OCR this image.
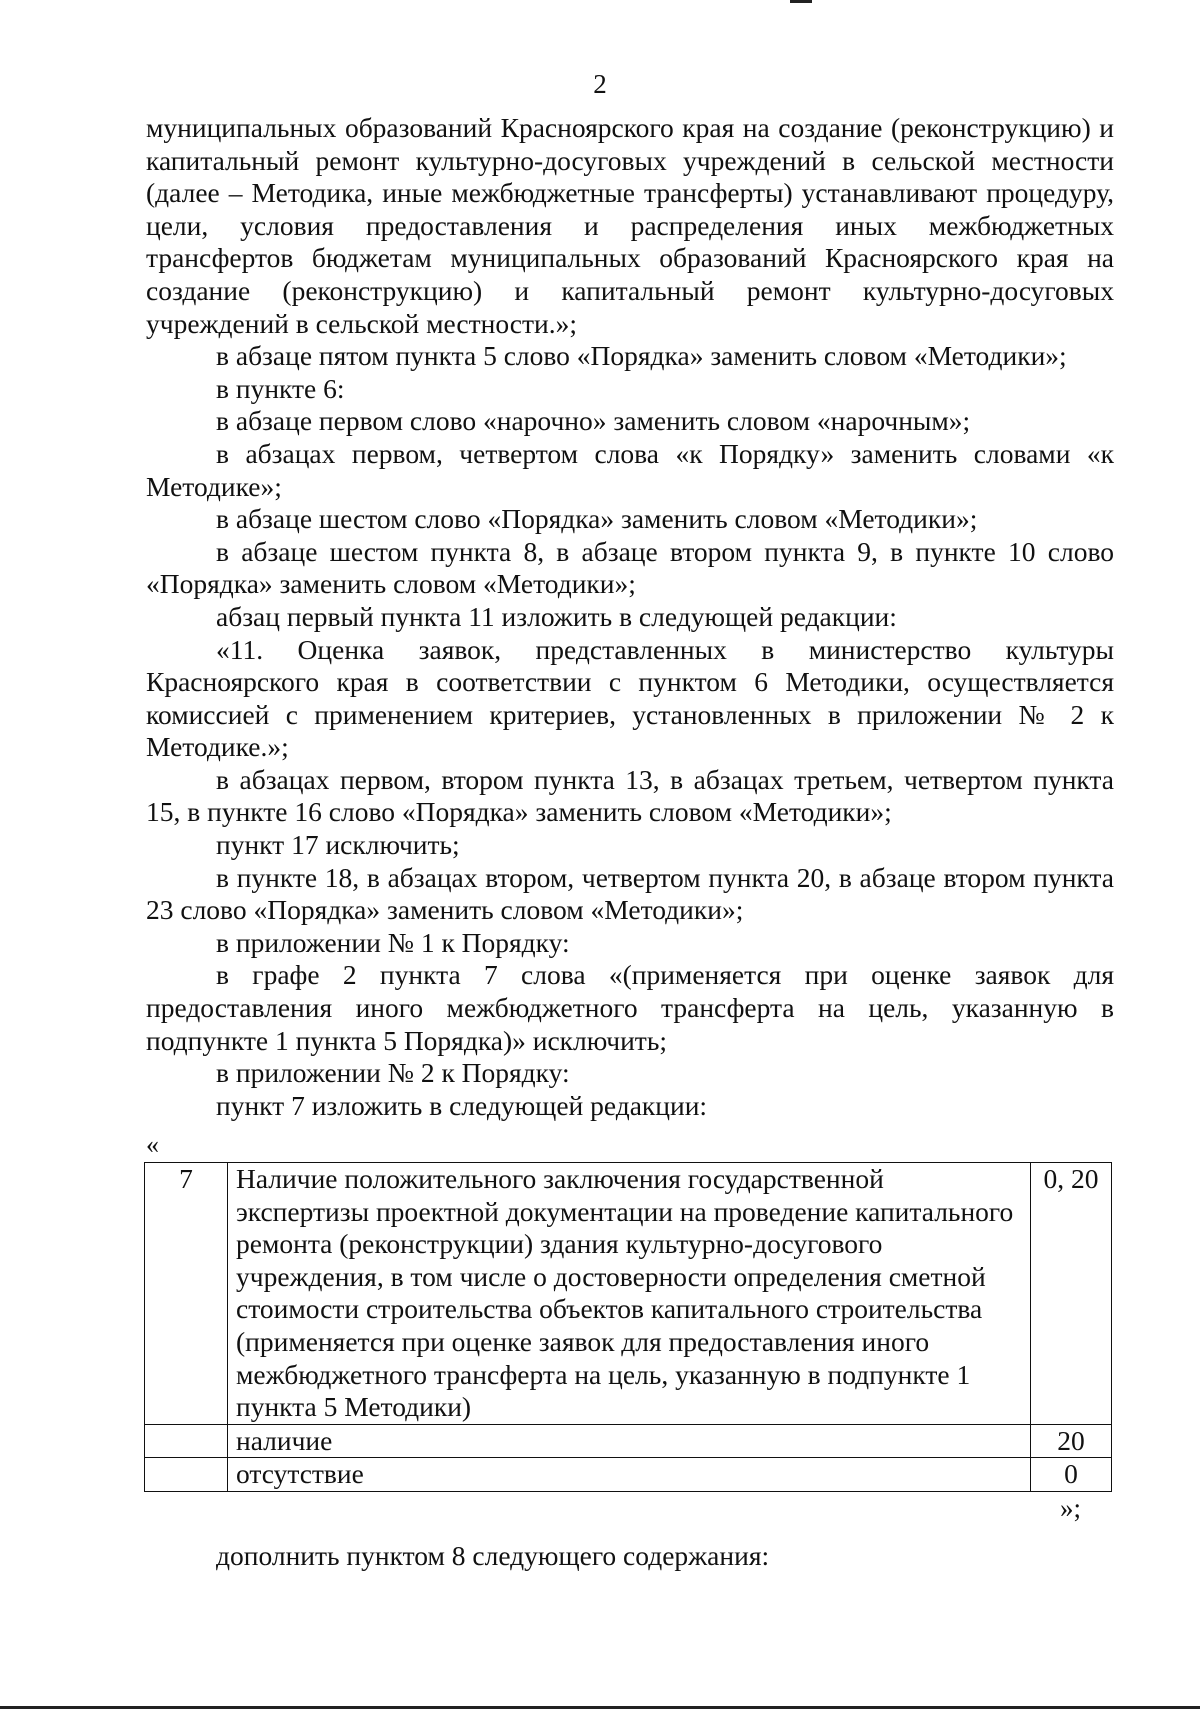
2

муниципальных образований Красноярского края на создание (реконструкцию) и капитальный ремонт культурно-досуговых учреждений в сельской местности (далее – Методика, иные межбюджетные трансферты) устанавливают процедуру, цели, условия предоставления и распределения иных межбюджетных трансфертов бюджетам муниципальных образований Красноярского края на создание (реконструкцию) и капитальный ремонт культурно-досуговых учреждений в сельской местности.»;

в абзаце пятом пункта 5 слово «Порядка» заменить словом «Методики»;

в пункте 6:

в абзаце первом слово «нарочно» заменить словом «нарочным»;

в абзацах первом, четвертом слова «к Порядку» заменить словами «к Методике»;

в абзаце шестом слово «Порядка» заменить словом «Методики»;

в абзаце шестом пункта 8, в абзаце втором пункта 9, в пункте 10 слово «Порядка» заменить словом «Методики»;

абзац первый пункта 11 изложить в следующей редакции:

«11. Оценка заявок, представленных в министерство культуры Красноярского края в соответствии с пунктом 6 Методики, осуществляется комиссией с применением критериев, установленных в приложении № 2 к Методике.»;

в абзацах первом, втором пункта 13, в абзацах третьем, четвертом пункта 15, в пункте 16 слово «Порядка» заменить словом «Методики»;

пункт 17 исключить;

в пункте 18, в абзацах втором, четвертом пункта 20, в абзаце втором пункта 23 слово «Порядка» заменить словом «Методики»;

в приложении № 1 к Порядку:

в графе 2 пункта 7 слова «(применяется при оценке заявок для предоставления иного межбюджетного трансферта на цель, указанную в подпункте 1 пункта 5 Порядка)» исключить;

в приложении № 2 к Порядку:

пункт 7 изложить в следующей редакции:

«
7	Наличие положительного заключения государственной экспертизы проектной документации на проведение капитального ремонта (реконструкции) здания культурно-досугового учреждения, в том числе о достоверности определения сметной стоимости строительства объектов капитального строительства (применяется при оценке заявок для предоставления иного межбюджетного трансферта на цель, указанную в подпункте 1 пункта 5 Методики)	0, 20
	наличие	20
	отсутствие	0
»;
дополнить пунктом 8 следующего содержания:
